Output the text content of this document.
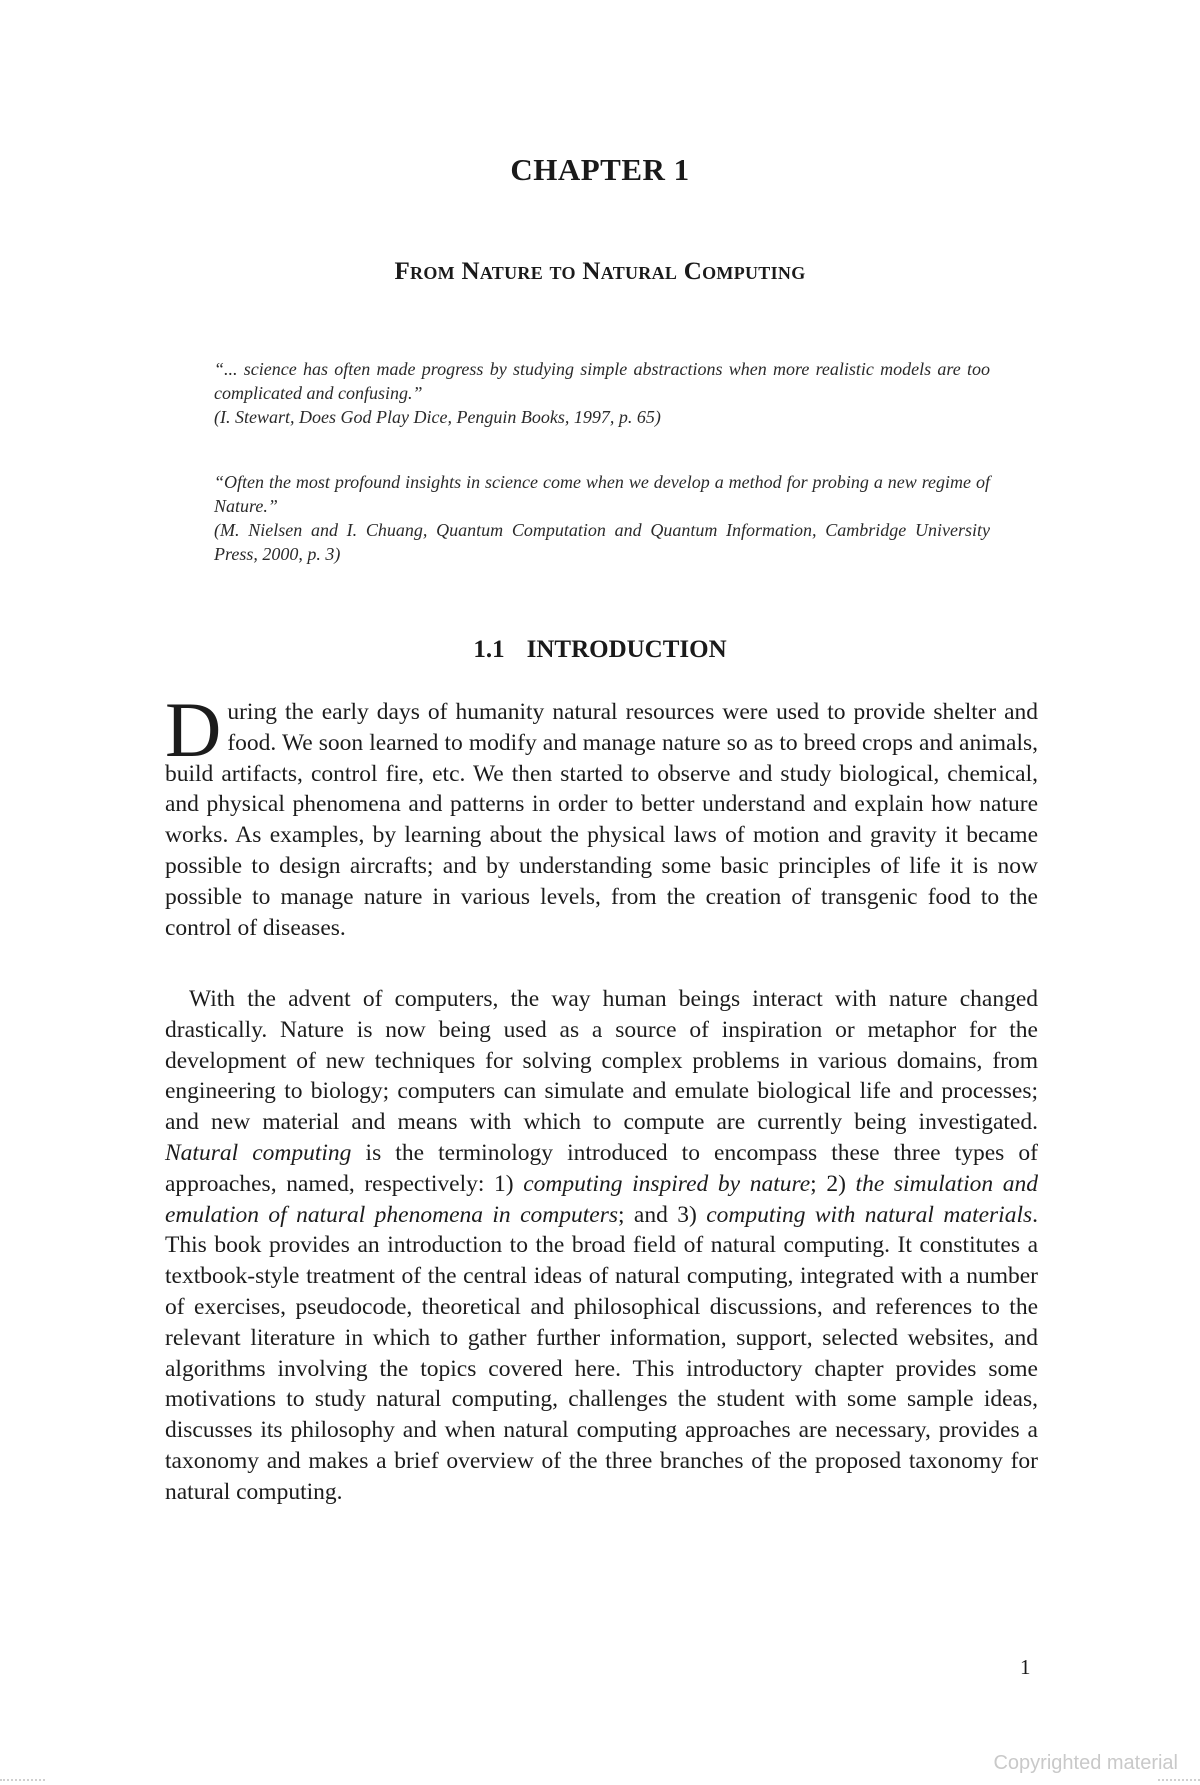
CHAPTER 1
From Nature to Natural Computing
“... science has often made progress by studying simple abstractions when more realistic models are too complicated and confusing.”
(I. Stewart, Does God Play Dice, Penguin Books, 1997, p. 65)
“Often the most profound insights in science come when we develop a method for probing a new regime of Nature.”
(M. Nielsen and I. Chuang, Quantum Computation and Quantum Information, Cambridge University Press, 2000, p. 3)
1.1 INTRODUCTION
During the early days of humanity natural resources were used to provide shelter and food. We soon learned to modify and manage nature so as to breed crops and animals, build artifacts, control fire, etc. We then started to observe and study biological, chemical, and physical phenomena and patterns in order to better understand and explain how nature works. As examples, by learning about the physical laws of motion and gravity it became possible to design aircrafts; and by understanding some basic principles of life it is now possible to manage nature in various levels, from the creation of transgenic food to the control of diseases.
With the advent of computers, the way human beings interact with nature changed drastically. Nature is now being used as a source of inspiration or metaphor for the development of new techniques for solving complex problems in various domains, from engineering to biology; computers can simulate and emulate biological life and processes; and new material and means with which to compute are currently being investigated. Natural computing is the terminology introduced to encompass these three types of approaches, named, respectively: 1) computing inspired by nature; 2) the simulation and emulation of natural phenomena in computers; and 3) computing with natural materials. This book provides an introduction to the broad field of natural computing. It constitutes a textbook-style treatment of the central ideas of natural computing, integrated with a number of exercises, pseudocode, theoretical and philosophical discussions, and references to the relevant literature in which to gather further information, support, selected websites, and algorithms involving the topics covered here. This introductory chapter provides some motivations to study natural computing, challenges the student with some sample ideas, discusses its philosophy and when natural computing approaches are necessary, provides a taxonomy and makes a brief overview of the three branches of the proposed taxonomy for natural computing.
1
Copyrighted material
